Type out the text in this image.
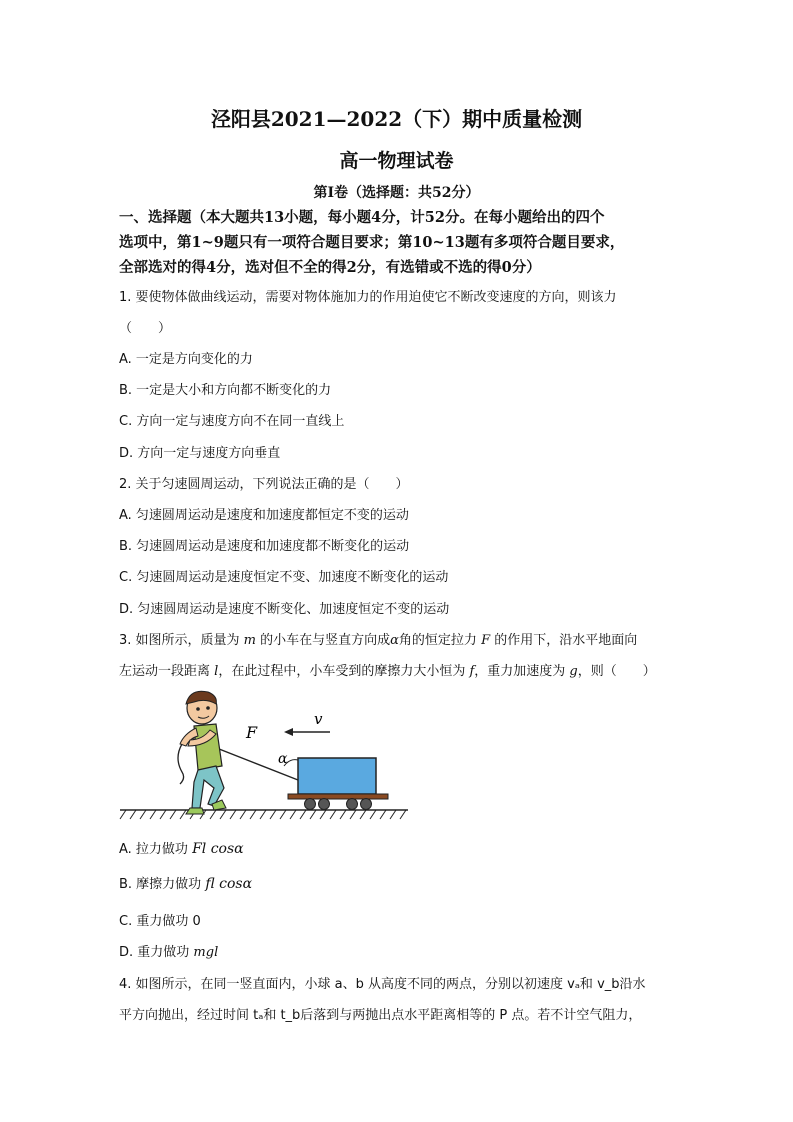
泾阳县2021—2022（下）期中质量检测
高一物理试卷
第Ⅰ卷（选择题：共52分）
一、选择题（本大题共13小题，每小题4分，计52分。在每小题给出的四个
选项中，第1~9题只有一项符合题目要求；第10~13题有多项符合题目要求，
全部选对的得4分，选对但不全的得2分，有选错或不选的得0分）
1. 要使物体做曲线运动，需要对物体施加力的作用迫使它不断改变速度的方向，则该力
（　　）
A. 一定是方向变化的力
B. 一定是大小和方向都不断变化的力
C. 方向一定与速度方向不在同一直线上
D. 方向一定与速度方向垂直
2. 关于匀速圆周运动，下列说法正确的是（　　）
A. 匀速圆周运动是速度和加速度都恒定不变的运动
B. 匀速圆周运动是速度和加速度都不断变化的运动
C. 匀速圆周运动是速度恒定不变、加速度不断变化的运动
D. 匀速圆周运动是速度不断变化、加速度恒定不变的运动
3. 如图所示，质量为 m 的小车在与竖直方向成α角的恒定拉力 F 的作用下，沿水平地面向
左运动一段距离 l，在此过程中，小车受到的摩擦力大小恒为 f，重力加速度为 g，则（　　）
α
F
v
A. 拉力做功 Fl cosα
B. 摩擦力做功 fl cosα
C. 重力做功 0
D. 重力做功 mgl
4. 如图所示，在同一竖直面内，小球 a、b 从高度不同的两点，分别以初速度 vₐ和 v_b沿水
平方向抛出，经过时间 tₐ和 t_b后落到与两抛出点水平距离相等的 P 点。若不计空气阻力，
